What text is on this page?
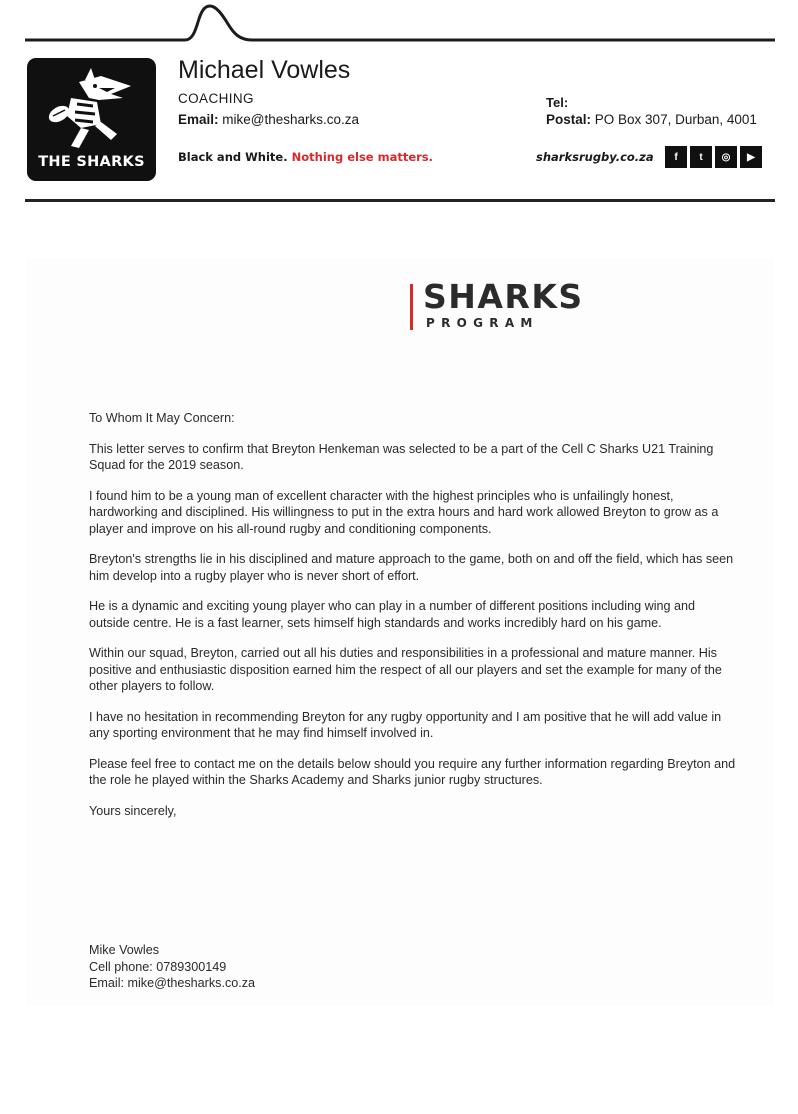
THE SHARKS
Michael Vowles
COACHING
Email: mike@thesharks.co.za
Tel:
Postal: PO Box 307, Durban, 4001
Black and White. Nothing else matters.	sharksrugby.co.za	f	t	◎	▶
SHARKS
PROGRAM

To Whom It May Concern:

This letter serves to confirm that Breyton Henkeman was selected to be a part of the Cell C Sharks U21 Training Squad for the 2019 season.

I found him to be a young man of excellent character with the highest principles who is unfailingly honest, hardworking and disciplined. His willingness to put in the extra hours and hard work allowed Breyton to grow as a player and improve on his all-round rugby and conditioning components.

Breyton's strengths lie in his disciplined and mature approach to the game, both on and off the field, which has seen him develop into a rugby player who is never short of effort.

He is a dynamic and exciting young player who can play in a number of different positions including wing and outside centre. He is a fast learner, sets himself high standards and works incredibly hard on his game.

Within our squad, Breyton, carried out all his duties and responsibilities in a professional and mature manner. His positive and enthusiastic disposition earned him the respect of all our players and set the example for many of the other players to follow.

I have no hesitation in recommending Breyton for any rugby opportunity and I am positive that he will add value in any sporting environment that he may find himself involved in.

Please feel free to contact me on the details below should you require any further information regarding Breyton and the role he played within the Sharks Academy and Sharks junior rugby structures.

Yours sincerely,

Mike Vowles
Cell phone: 0789300149
Email: mike@thesharks.co.za
